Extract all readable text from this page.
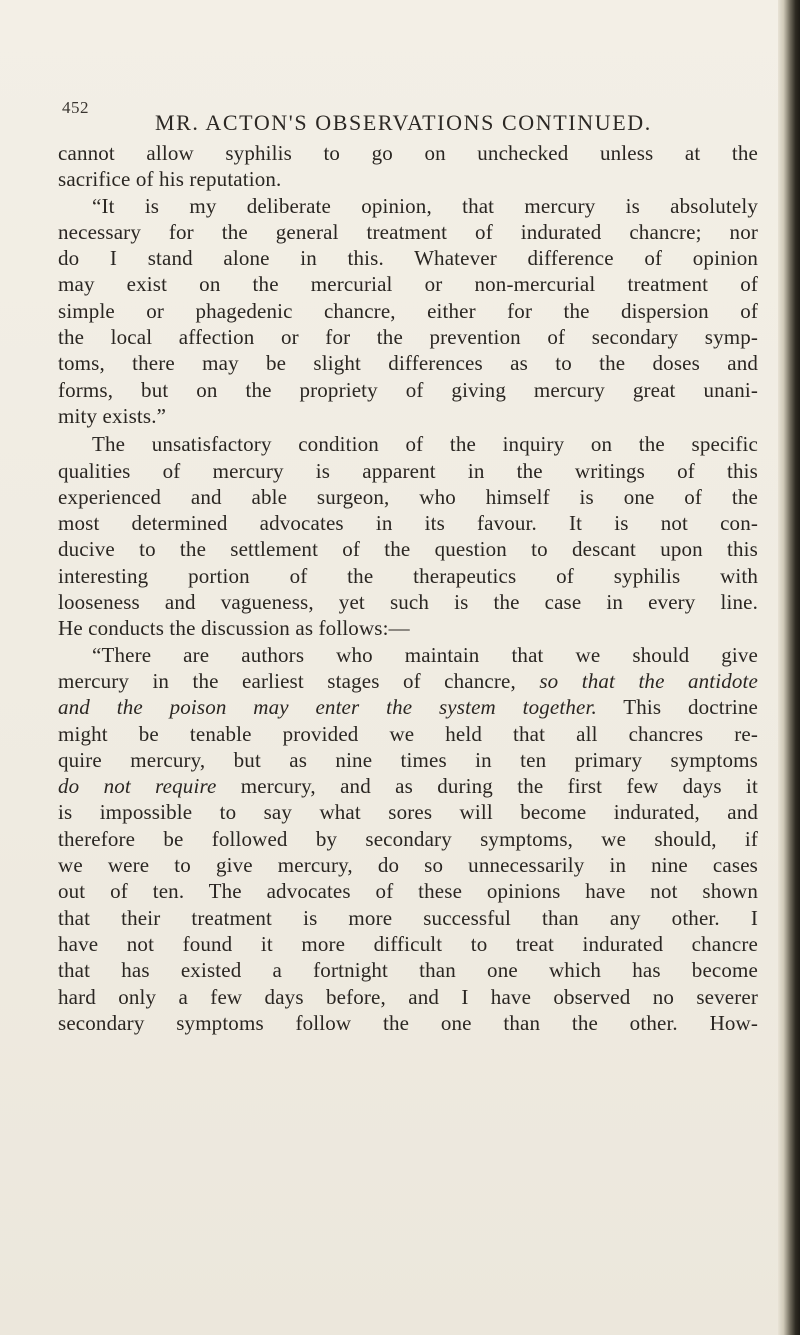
452
MR. ACTON'S OBSERVATIONS CONTINUED.
cannot allow syphilis to go on unchecked unless at the
sacrifice of his reputation.
“It is my deliberate opinion, that mercury is absolutely
necessary for the general treatment of indurated chancre; nor
do I stand alone in this. Whatever difference of opinion
may exist on the mercurial or non-mercurial treatment of
simple or phagedenic chancre, either for the dispersion of
the local affection or for the prevention of secondary symp-
toms, there may be slight differences as to the doses and
forms, but on the propriety of giving mercury great unani-
mity exists.”
The unsatisfactory condition of the inquiry on the specific
qualities of mercury is apparent in the writings of this
experienced and able surgeon, who himself is one of the
most determined advocates in its favour. It is not con-
ducive to the settlement of the question to descant upon this
interesting portion of the therapeutics of syphilis with
looseness and vagueness, yet such is the case in every line.
He conducts the discussion as follows:—
“There are authors who maintain that we should give
mercury in the earliest stages of chancre, so that the antidote
and the poison may enter the system together. This doctrine
might be tenable provided we held that all chancres re-
quire mercury, but as nine times in ten primary symptoms
do not require mercury, and as during the first few days it
is impossible to say what sores will become indurated, and
therefore be followed by secondary symptoms, we should, if
we were to give mercury, do so unnecessarily in nine cases
out of ten. The advocates of these opinions have not shown
that their treatment is more successful than any other. I
have not found it more difficult to treat indurated chancre
that has existed a fortnight than one which has become
hard only a few days before, and I have observed no severer
secondary symptoms follow the one than the other. How-
